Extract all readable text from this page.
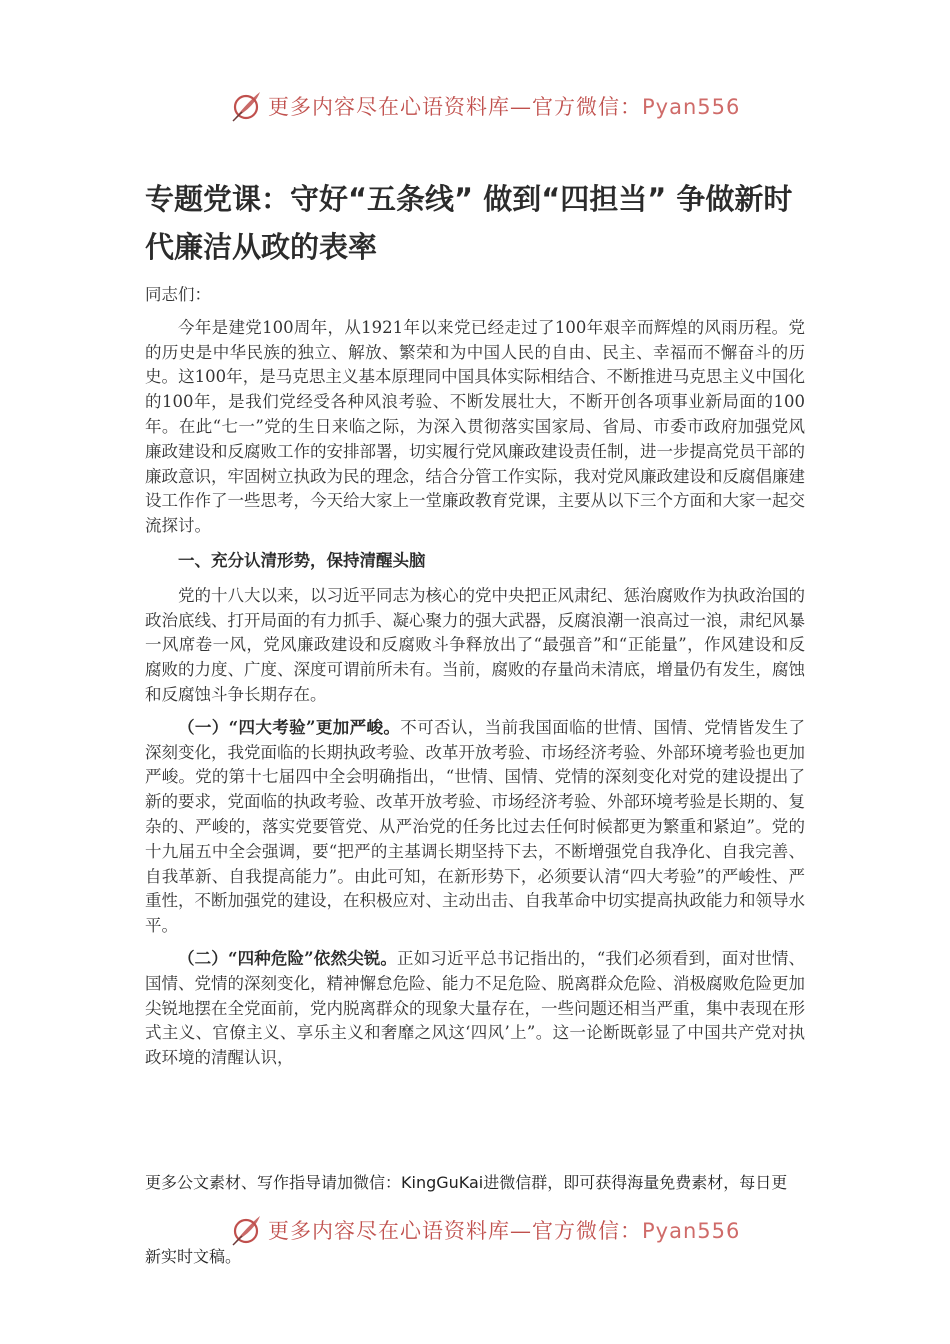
更多内容尽在心语资料库—官方微信：Pyan556
专题党课：守好“五条线” 做到“四担当” 争做新时代廉洁从政的表率

同志们：

今年是建党100周年，从1921年以来党已经走过了100年艰辛而辉煌的风雨历程。党的历史是中华民族的独立、解放、繁荣和为中国人民的自由、民主、幸福而不懈奋斗的历史。这100年，是马克思主义基本原理同中国具体实际相结合、不断推进马克思主义中国化的100年，是我们党经受各种风浪考验、不断发展壮大，不断开创各项事业新局面的100年。在此“七一”党的生日来临之际，为深入贯彻落实国家局、省局、市委市政府加强党风廉政建设和反腐败工作的安排部署，切实履行党风廉政建设责任制，进一步提高党员干部的廉政意识，牢固树立执政为民的理念，结合分管工作实际，我对党风廉政建设和反腐倡廉建设工作作了一些思考，今天给大家上一堂廉政教育党课，主要从以下三个方面和大家一起交流探讨。

一、充分认清形势，保持清醒头脑

党的十八大以来，以习近平同志为核心的党中央把正风肃纪、惩治腐败作为执政治国的政治底线、打开局面的有力抓手、凝心聚力的强大武器，反腐浪潮一浪高过一浪，肃纪风暴一风席卷一风，党风廉政建设和反腐败斗争释放出了“最强音”和“正能量”，作风建设和反腐败的力度、广度、深度可谓前所未有。当前，腐败的存量尚未清底，增量仍有发生，腐蚀和反腐蚀斗争长期存在。

（一）“四大考验”更加严峻。不可否认，当前我国面临的世情、国情、党情皆发生了深刻变化，我党面临的长期执政考验、改革开放考验、市场经济考验、外部环境考验也更加严峻。党的第十七届四中全会明确指出，“世情、国情、党情的深刻变化对党的建设提出了新的要求，党面临的执政考验、改革开放考验、市场经济考验、外部环境考验是长期的、复杂的、严峻的，落实党要管党、从严治党的任务比过去任何时候都更为繁重和紧迫”。党的十九届五中全会强调，要“把严的主基调长期坚持下去，不断增强党自我净化、自我完善、自我革新、自我提高能力”。由此可知，在新形势下，必须要认清“四大考验”的严峻性、严重性，不断加强党的建设，在积极应对、主动出击、自我革命中切实提高执政能力和领导水平。

（二）“四种危险”依然尖锐。正如习近平总书记指出的，“我们必须看到，面对世情、国情、党情的深刻变化，精神懈怠危险、能力不足危险、脱离群众危险、消极腐败危险更加尖锐地摆在全党面前，党内脱离群众的现象大量存在，一些问题还相当严重，集中表现在形式主义、官僚主义、享乐主义和奢靡之风这‘四风’上”。这一论断既彰显了中国共产党对执政环境的清醒认识，

更多公文素材、写作指导请加微信：KingGuKai进微信群，即可获得海量免费素材，每日更
更多内容尽在心语资料库—官方微信：Pyan556
新实时文稿。
